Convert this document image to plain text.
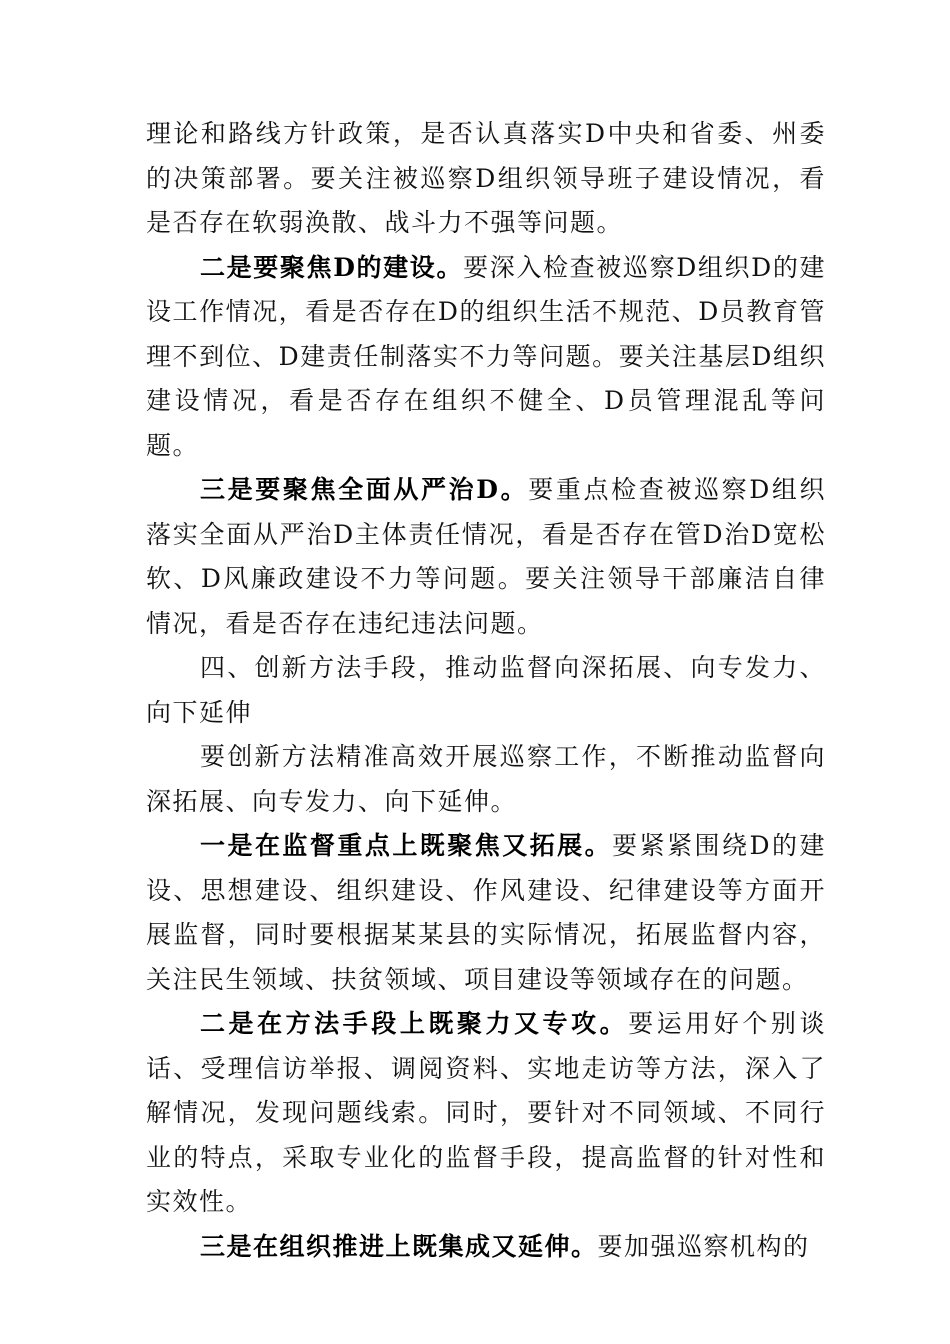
理论和路线方针政策，是否认真落实D中央和省委、州委的决策部署。要关注被巡察D组织领导班子建设情况，看是否存在软弱涣散、战斗力不强等问题。

二是要聚焦D的建设。要深入检查被巡察D组织D的建设工作情况，看是否存在D的组织生活不规范、D员教育管理不到位、D建责任制落实不力等问题。要关注基层D组织建设情况，看是否存在组织不健全、D员管理混乱等问题。

三是要聚焦全面从严治D。要重点检查被巡察D组织落实全面从严治D主体责任情况，看是否存在管D治D宽松软、D风廉政建设不力等问题。要关注领导干部廉洁自律情况，看是否存在违纪违法问题。

四、创新方法手段，推动监督向深拓展、向专发力、向下延伸

要创新方法精准高效开展巡察工作，不断推动监督向深拓展、向专发力、向下延伸。

一是在监督重点上既聚焦又拓展。要紧紧围绕D的建设、思想建设、组织建设、作风建设、纪律建设等方面开展监督，同时要根据某某县的实际情况，拓展监督内容，关注民生领域、扶贫领域、项目建设等领域存在的问题。

二是在方法手段上既聚力又专攻。要运用好个别谈话、受理信访举报、调阅资料、实地走访等方法，深入了解情况，发现问题线索。同时，要针对不同领域、不同行业的特点，采取专业化的监督手段，提高监督的针对性和实效性。

三是在组织推进上既集成又延伸。要加强巡察机构的
